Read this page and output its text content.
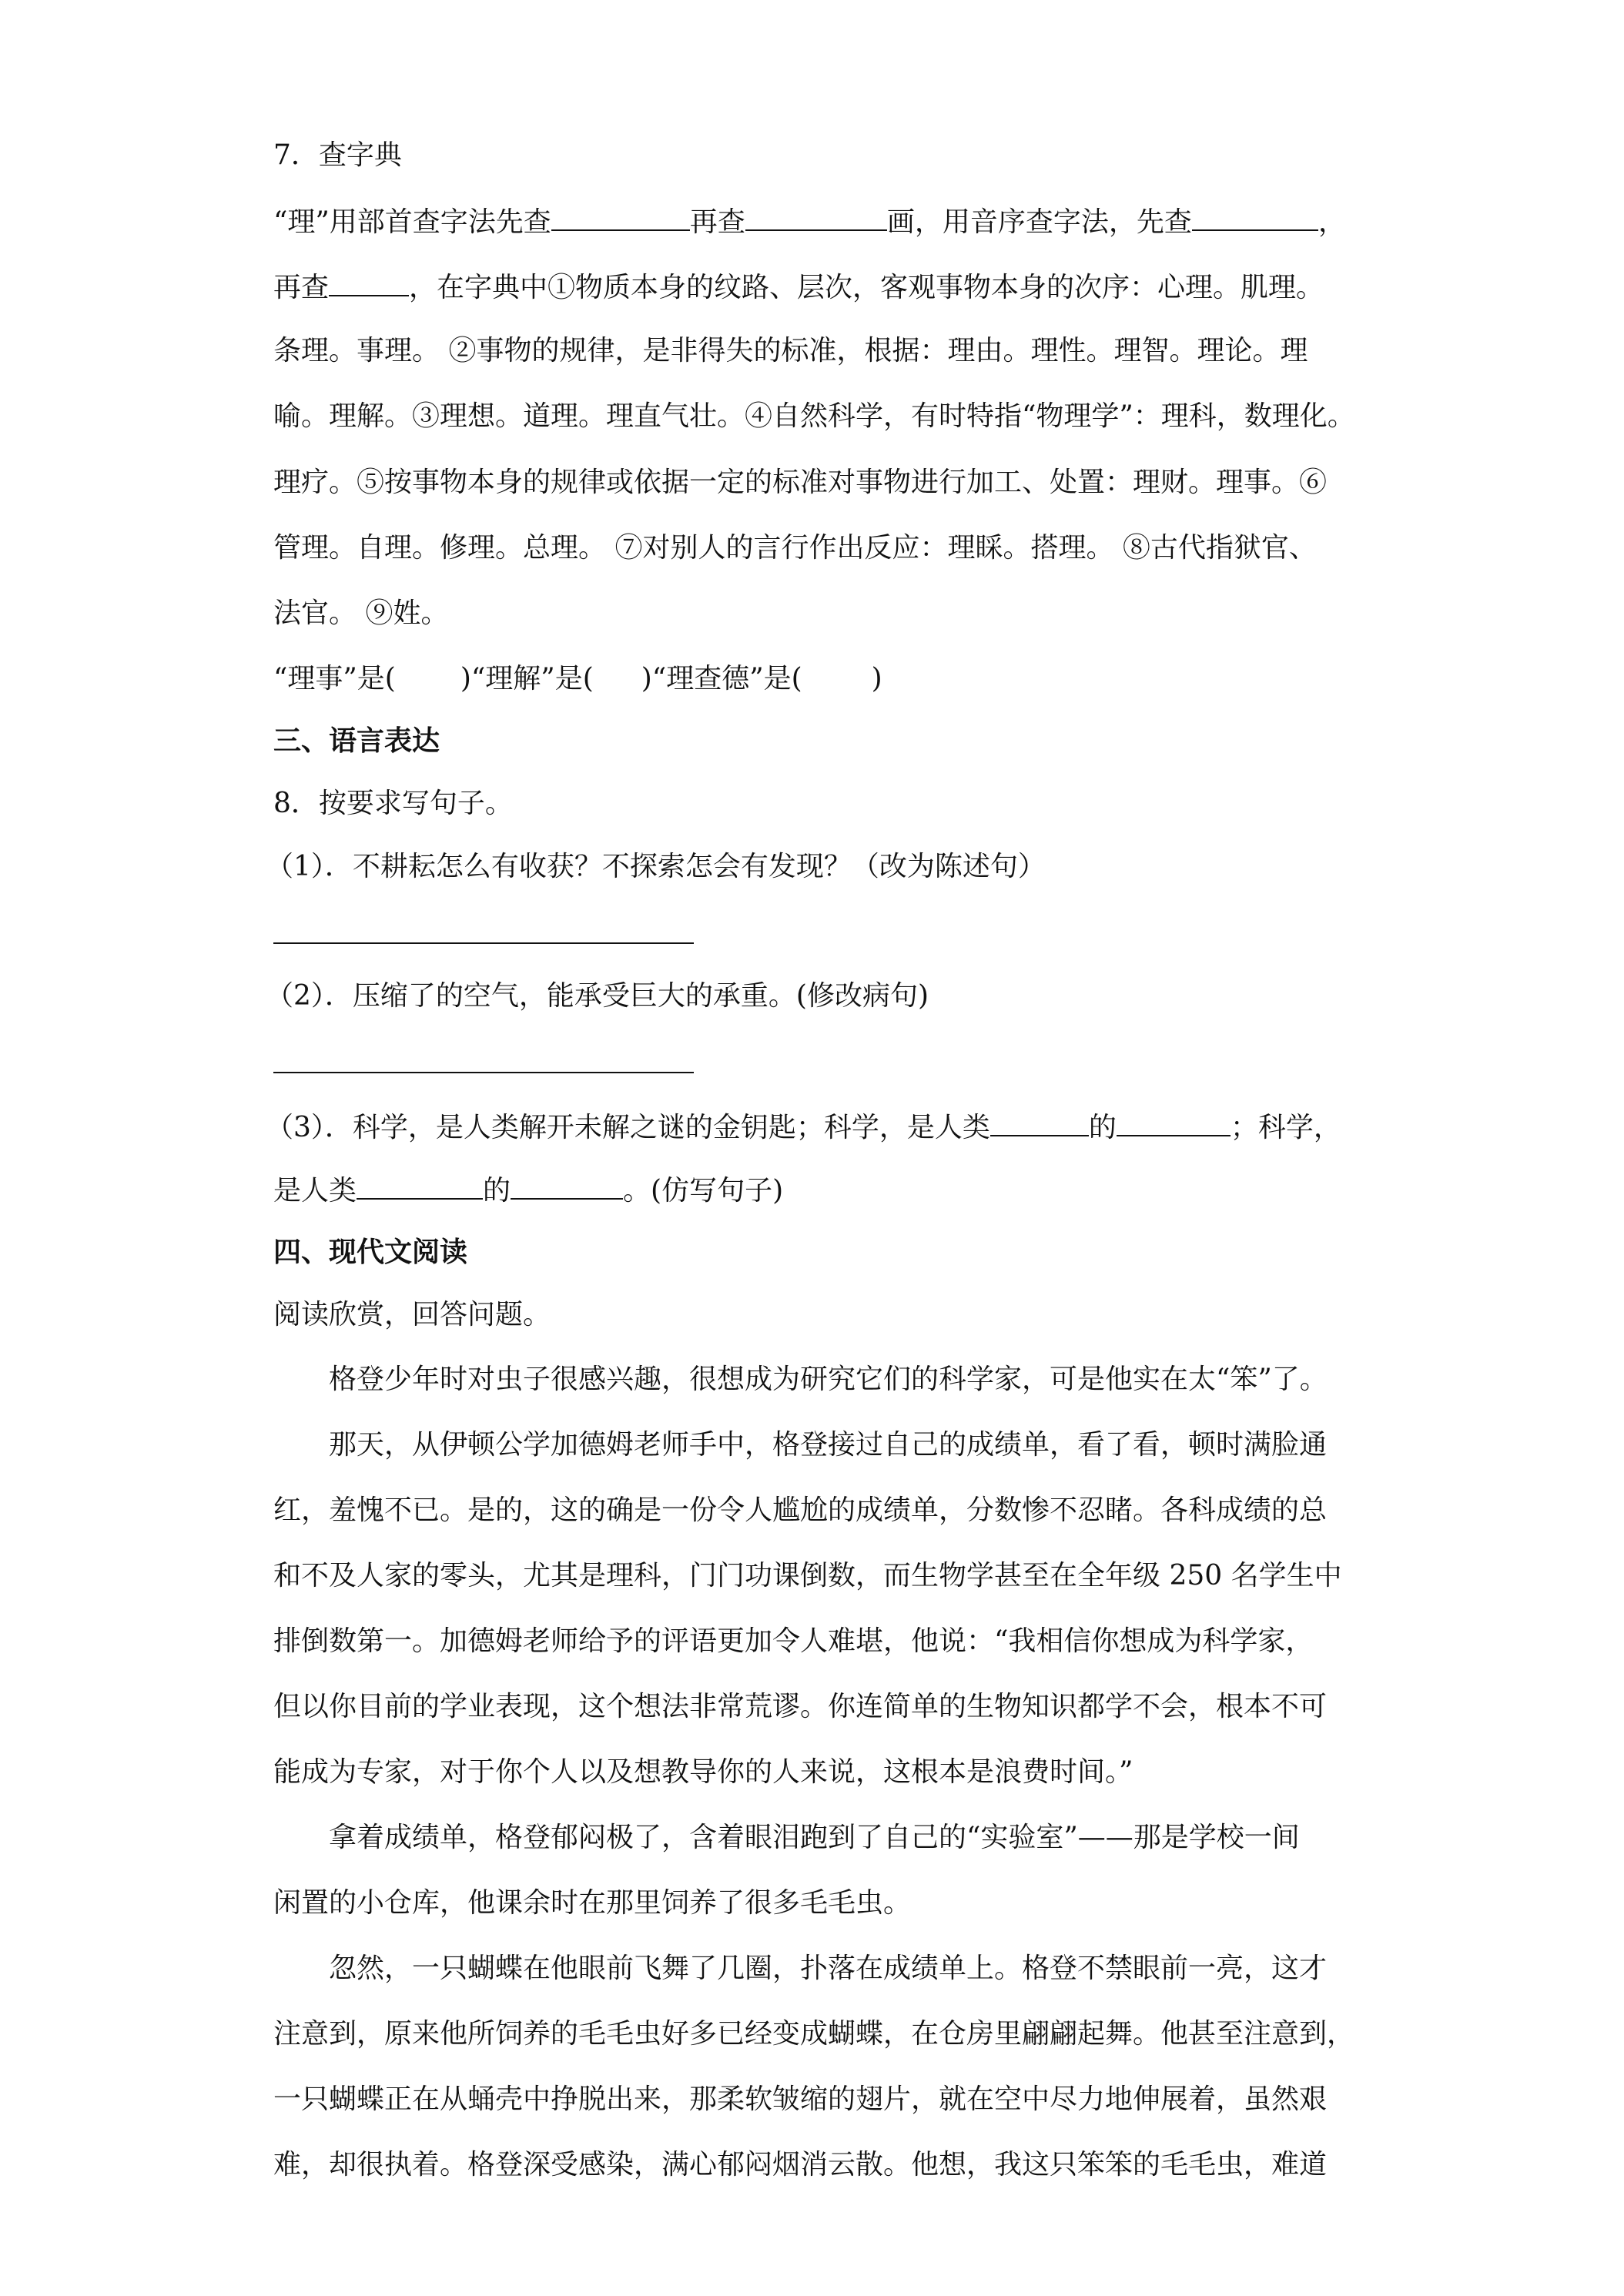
7．查字典
“理”用部首查字法先查	再查	画，用音序查字法，先查	，
再查	，在字典中①物质本身的纹路、层次，客观事物本身的次序：心理。肌理。
条理。事理。 ②事物的规律，是非得失的标准，根据：理由。理性。理智。理论。理
喻。理解。③理想。道理。理直气壮。④自然科学，有时特指“物理学”：理科，数理化。
理疗。⑤按事物本身的规律或依据一定的标准对事物进行加工、处置：理财。理事。⑥
管理。自理。修理。总理。 ⑦对别人的言行作出反应：理睬。搭理。 ⑧古代指狱官、
法官。 ⑨姓。
“理事”是( )“理解”是( )“理查德”是(	)
三、语言表达
8．按要求写句子。
（1）．不耕耘怎么有收获？不探索怎会有发现？（改为陈述句）
（2）．压缩了的空气，能承受巨大的承重。(修改病句)
（3）．科学，是人类解开未解之谜的金钥匙；科学，是人类	的	；科学，
是人类	的	。(仿写句子)
四、现代文阅读
阅读欣赏，回答问题。
格登少年时对虫子很感兴趣，很想成为研究它们的科学家，可是他实在太“笨”了。
那天，从伊顿公学加德姆老师手中，格登接过自己的成绩单，看了看，顿时满脸通
红，羞愧不已。是的，这的确是一份令人尴尬的成绩单，分数惨不忍睹。各科成绩的总
和不及人家的零头，尤其是理科，门门功课倒数，而生物学甚至在全年级 250 名学生中
排倒数第一。加德姆老师给予的评语更加令人难堪，他说：“我相信你想成为科学家，
但以你目前的学业表现，这个想法非常荒谬。你连简单的生物知识都学不会，根本不可
能成为专家，对于你个人以及想教导你的人来说，这根本是浪费时间。”
拿着成绩单，格登郁闷极了，含着眼泪跑到了自己的“实验室”——那是学校一间
闲置的小仓库，他课余时在那里饲养了很多毛毛虫。
忽然，一只蝴蝶在他眼前飞舞了几圈，扑落在成绩单上。格登不禁眼前一亮，这才
注意到，原来他所饲养的毛毛虫好多已经变成蝴蝶，在仓房里翩翩起舞。他甚至注意到，
一只蝴蝶正在从蛹壳中挣脱出来，那柔软皱缩的翅片，就在空中尽力地伸展着，虽然艰
难，却很执着。格登深受感染，满心郁闷烟消云散。他想，我这只笨笨的毛毛虫，难道
